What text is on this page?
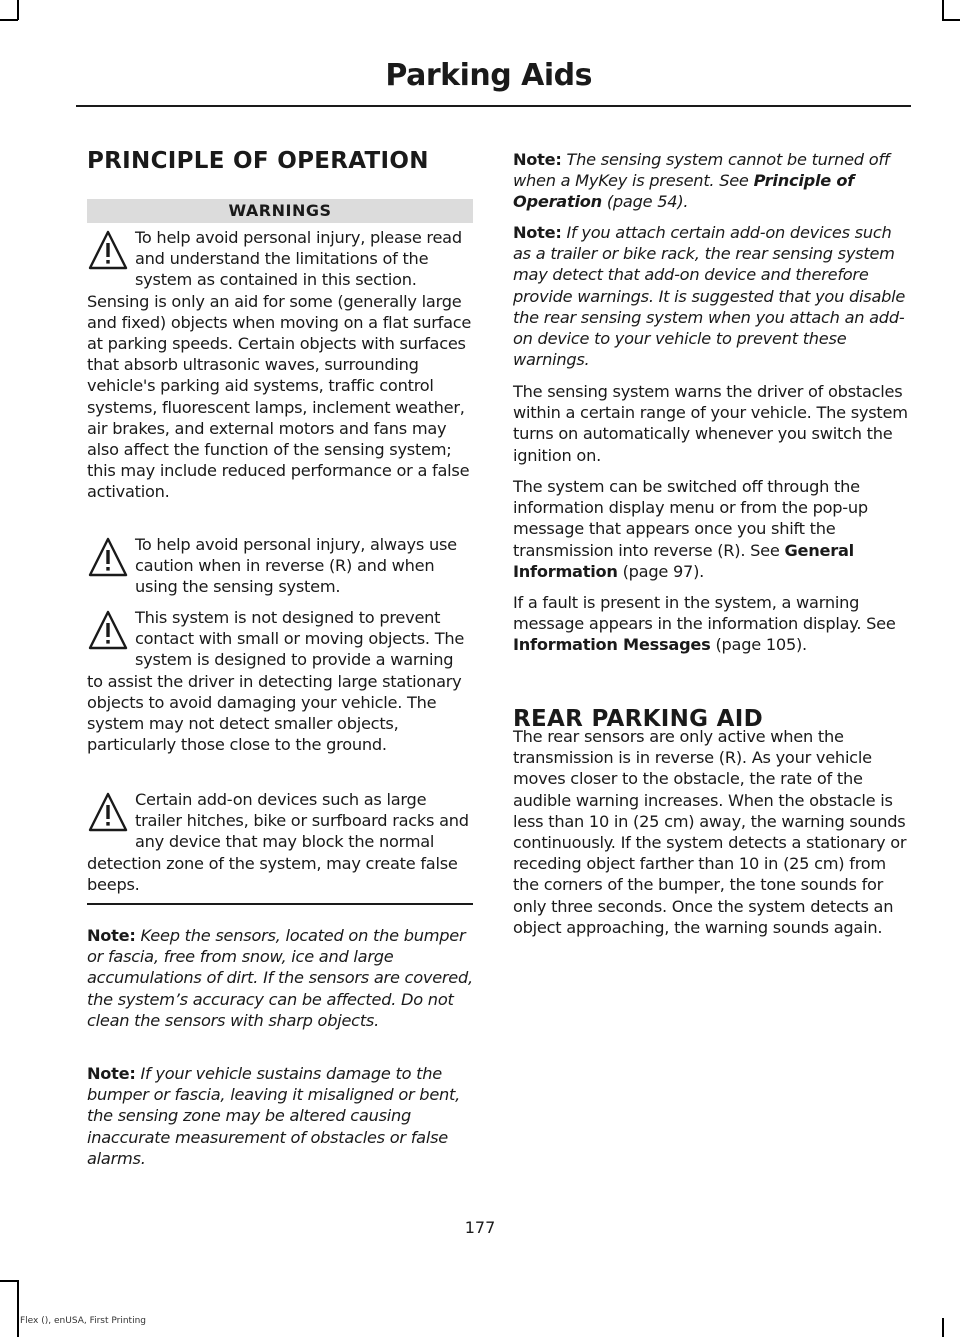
Parking Aids
PRINCIPLE OF OPERATION
WARNINGS

To help avoid personal injury, please read and understand the limitations of the system as contained in this section. Sensing is only an aid for some (generally large and fixed) objects when moving on a flat surface at parking speeds. Certain objects with surfaces that absorb ultrasonic waves, surrounding vehicle's parking aid systems, traffic control systems, fluorescent lamps, inclement weather, air brakes, and external motors and fans may also affect the function of the sensing system; this may include reduced performance or a false activation.

To help avoid personal injury, always use caution when in reverse (R) and when using the sensing system.

This system is not designed to prevent contact with small or moving objects. The system is designed to provide a warning to assist the driver in detecting large stationary objects to avoid damaging your vehicle. The system may not detect smaller objects, particularly those close to the ground.

Certain add-on devices such as large trailer hitches, bike or surfboard racks and any device that may block the normal detection zone of the system, may create false beeps.

Note: Keep the sensors, located on the bumper or fascia, free from snow, ice and large accumulations of dirt. If the sensors are covered, the system’s accuracy can be affected. Do not clean the sensors with sharp objects.

Note: If your vehicle sustains damage to the bumper or fascia, leaving it misaligned or bent, the sensing zone may be altered causing inaccurate measurement of obstacles or false alarms.

Note: The sensing system cannot be turned off when a MyKey is present. See Principle of Operation (page 54).

Note: If you attach certain add-on devices such as a trailer or bike rack, the rear sensing system may detect that add-on device and therefore provide warnings. It is suggested that you disable the rear sensing system when you attach an add-on device to your vehicle to prevent these warnings.

The sensing system warns the driver of obstacles within a certain range of your vehicle. The system turns on automatically whenever you switch the ignition on.

The system can be switched off through the information display menu or from the pop-up message that appears once you shift the transmission into reverse (R). See General Information (page 97).

If a fault is present in the system, a warning message appears in the information display. See Information Messages (page 105).

REAR PARKING AID

The rear sensors are only active when the transmission is in reverse (R). As your vehicle moves closer to the obstacle, the rate of the audible warning increases. When the obstacle is less than 10 in (25 cm) away, the warning sounds continuously. If the system detects a stationary or receding object farther than 10 in (25 cm) from the corners of the bumper, the tone sounds for only three seconds. Once the system detects an object approaching, the warning sounds again.

177
Flex (), enUSA, First Printing
